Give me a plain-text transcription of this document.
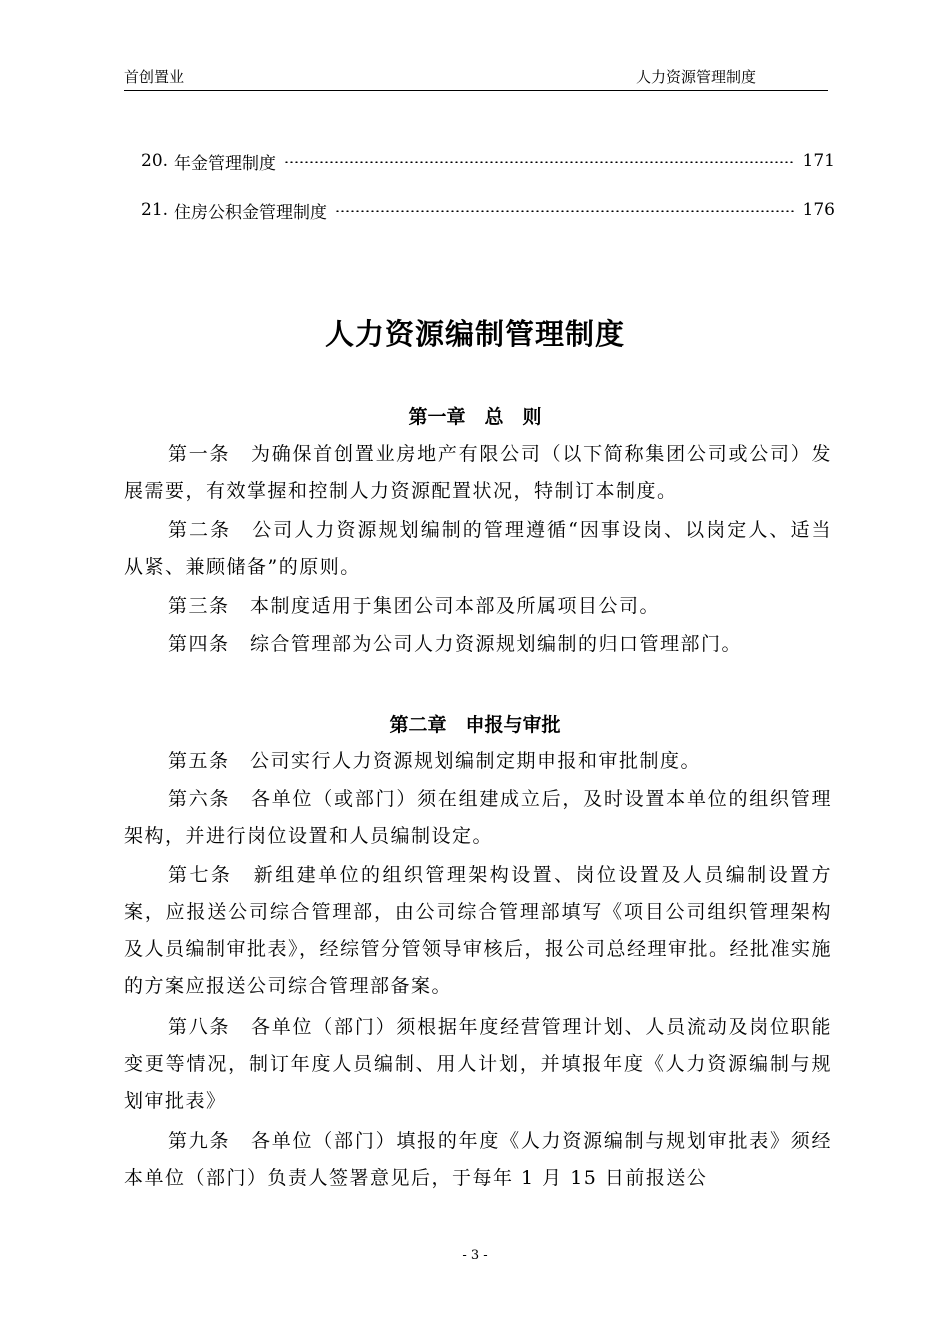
首创置业	人力资源管理制度
20. 年金管理制度	171
21. 住房公积金管理制度	176
人力资源编制管理制度
第一章　总　则
第一条　为确保首创置业房地产有限公司（以下简称集团公司或公司）发展需要，有效掌握和控制人力资源配置状况，特制订本制度。
第二条　公司人力资源规划编制的管理遵循“因事设岗、以岗定人、适当从紧、兼顾储备”的原则。
第三条　本制度适用于集团公司本部及所属项目公司。
第四条　综合管理部为公司人力资源规划编制的归口管理部门。
第二章　申报与审批
第五条　公司实行人力资源规划编制定期申报和审批制度。
第六条　各单位（或部门）须在组建成立后，及时设置本单位的组织管理架构，并进行岗位设置和人员编制设定。
第七条　新组建单位的组织管理架构设置、岗位设置及人员编制设置方案，应报送公司综合管理部，由公司综合管理部填写《项目公司组织管理架构及人员编制审批表》，经综管分管领导审核后，报公司总经理审批。经批准实施的方案应报送公司综合管理部备案。
第八条　各单位（部门）须根据年度经营管理计划、人员流动及岗位职能变更等情况，制订年度人员编制、用人计划，并填报年度《人力资源编制与规划审批表》
第九条　各单位（部门）填报的年度《人力资源编制与规划审批表》须经本单位（部门）负责人签署意见后，于每年 1 月 15 日前报送公
- 3 -
